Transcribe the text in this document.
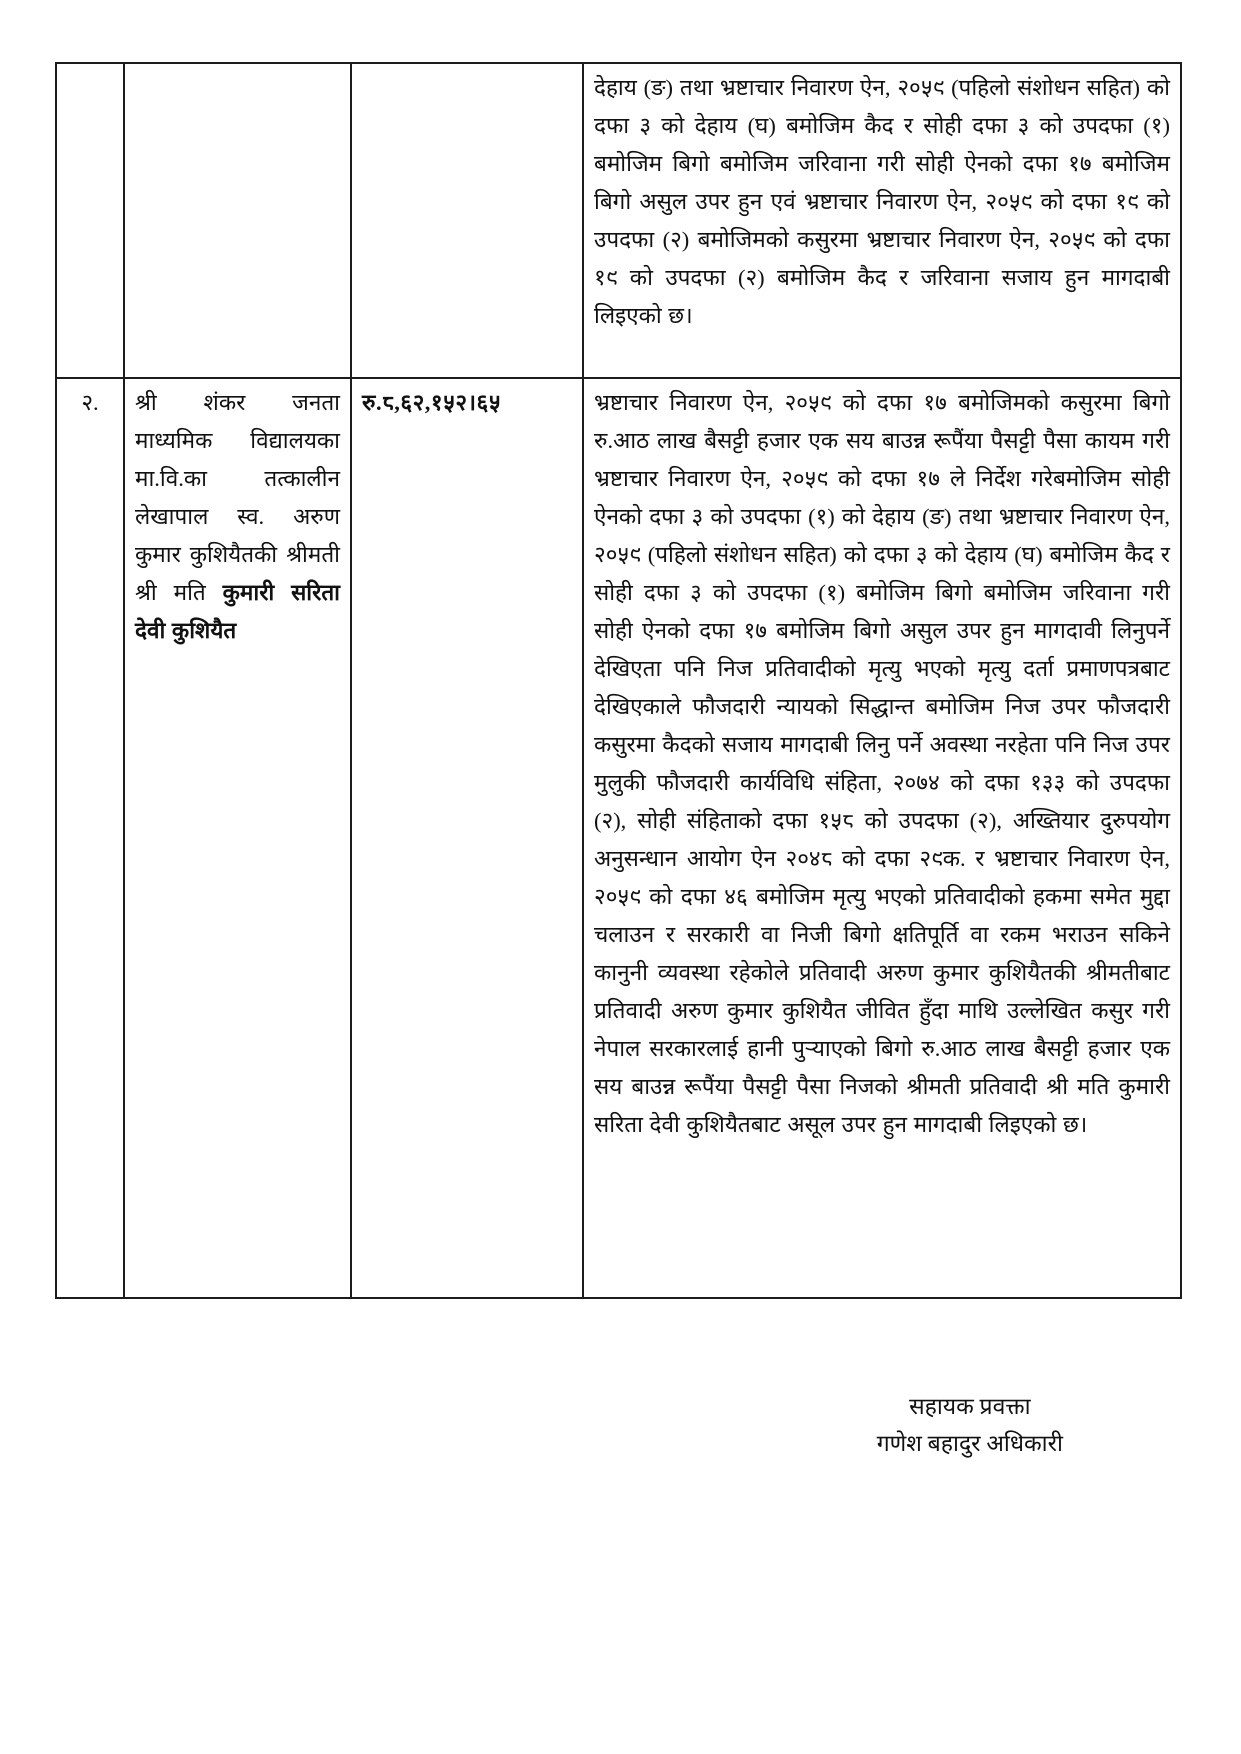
			देहाय (ङ) तथा भ्रष्टाचार निवारण ऐन, २०५९ (पहिलो संशोधन सहित) को दफा ३ को देहाय (घ) बमोजिम कैद र सोही दफा ३ को उपदफा (१) बमोजिम बिगो बमोजिम जरिवाना गरी सोही ऐनको दफा १७ बमोजिम बिगो असुल उपर हुन एवं भ्रष्टाचार निवारण ऐन, २०५९ को दफा १९ को उपदफा (२) बमोजिमको कसुरमा भ्रष्टाचार निवारण ऐन, २०५९ को दफा १९ को उपदफा (२) बमोजिम कैद र जरिवाना सजाय हुन मागदाबी लिइएको छ।
२.	श्री शंकर जनता माध्यमिक विद्यालयका मा.वि.का तत्कालीन लेखापाल स्व. अरुण कुमार कुशियैतकी श्रीमती श्री मति कुमारी सरिता देवी कुशियैत	रु.८,६२,१५२।६५	भ्रष्टाचार निवारण ऐन, २०५९ को दफा १७ बमोजिमको कसुरमा बिगो रु.आठ लाख बैसट्टी हजार एक सय बाउन्न रूपैंया पैसट्टी पैसा कायम गरी भ्रष्टाचार निवारण ऐन, २०५९ को दफा १७ ले निर्देश गरेबमोजिम सोही ऐनको दफा ३ को उपदफा (१) को देहाय (ङ) तथा भ्रष्टाचार निवारण ऐन, २०५९ (पहिलो संशोधन सहित) को दफा ३ को देहाय (घ) बमोजिम कैद र सोही दफा ३ को उपदफा (१) बमोजिम बिगो बमोजिम जरिवाना गरी सोही ऐनको दफा १७ बमोजिम बिगो असुल उपर हुन मागदावी लिनुपर्ने देखिएता पनि निज प्रतिवादीको मृत्यु भएको मृत्यु दर्ता प्रमाणपत्रबाट देखिएकाले फौजदारी न्यायको सिद्धान्त बमोजिम निज उपर फौजदारी कसुरमा कैदको सजाय मागदाबी लिनु पर्ने अवस्था नरहेता पनि निज उपर मुलुकी फौजदारी कार्यविधि संहिता, २०७४ को दफा १३३ को उपदफा (२), सोही संहिताको दफा १५८ को उपदफा (२), अख्तियार दुरुपयोग अनुसन्धान आयोग ऐन २०४८ को दफा २९क. र भ्रष्टाचार निवारण ऐन, २०५९ को दफा ४६ बमोजिम मृत्यु भएको प्रतिवादीको हकमा समेत मुद्दा चलाउन र सरकारी वा निजी बिगो क्षतिपूर्ति वा रकम भराउन सकिने कानुनी व्यवस्था रहेकोले प्रतिवादी अरुण कुमार कुशियैतकी श्रीमतीबाट प्रतिवादी अरुण कुमार कुशियैत जीवित हुँदा माथि उल्लेखित कसुर गरी नेपाल सरकारलाई हानी पुऱ्याएको बिगो रु.आठ लाख बैसट्टी हजार एक सय बाउन्न रूपैंया पैसट्टी पैसा निजको श्रीमती प्रतिवादी श्री मति कुमारी सरिता देवी कुशियैतबाट असूल उपर हुन मागदाबी लिइएको छ।
सहायक प्रवक्ता
गणेश बहादुर अधिकारी
